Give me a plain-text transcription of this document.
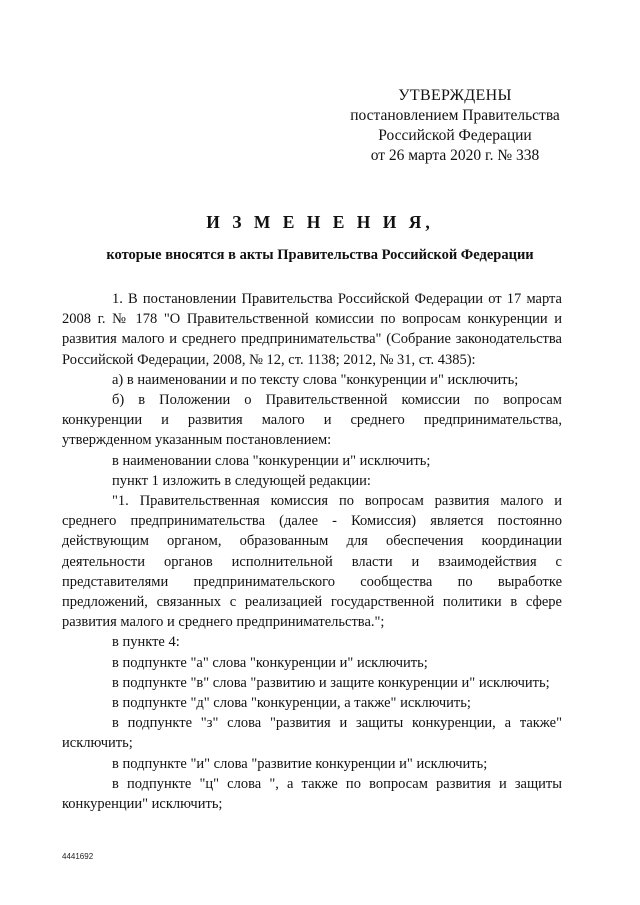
УТВЕРЖДЕНЫ
постановлением Правительства
Российской Федерации
от 26 марта 2020 г. № 338
И З М Е Н Е Н И Я,
которые вносятся в акты Правительства Российской Федерации

1. В постановлении Правительства Российской Федерации от 17 марта 2008 г. № 178 "О Правительственной комиссии по вопросам конкуренции и развития малого и среднего предпринимательства" (Собрание законодательства Российской Федерации, 2008, № 12, ст. 1138; 2012, № 31, ст. 4385):

а) в наименовании и по тексту слова "конкуренции и" исключить;

б) в Положении о Правительственной комиссии по вопросам конкуренции и развития малого и среднего предпринимательства, утвержденном указанным постановлением:

в наименовании слова "конкуренции и" исключить;

пункт 1 изложить в следующей редакции:

"1. Правительственная комиссия по вопросам развития малого и среднего предпринимательства (далее - Комиссия) является постоянно действующим органом, образованным для обеспечения координации деятельности органов исполнительной власти и взаимодействия с представителями предпринимательского сообщества по выработке предложений, связанных с реализацией государственной политики в сфере развития малого и среднего предпринимательства.";

в пункте 4:

в подпункте "а" слова "конкуренции и" исключить;

в подпункте "в" слова "развитию и защите конкуренции и" исключить;

в подпункте "д" слова "конкуренции, а также" исключить;

в подпункте "з" слова "развития и защиты конкуренции, а также" исключить;

в подпункте "и" слова "развитие конкуренции и" исключить;

в подпункте "ц" слова ", а также по вопросам развития и защиты конкуренции" исключить;

4441692
